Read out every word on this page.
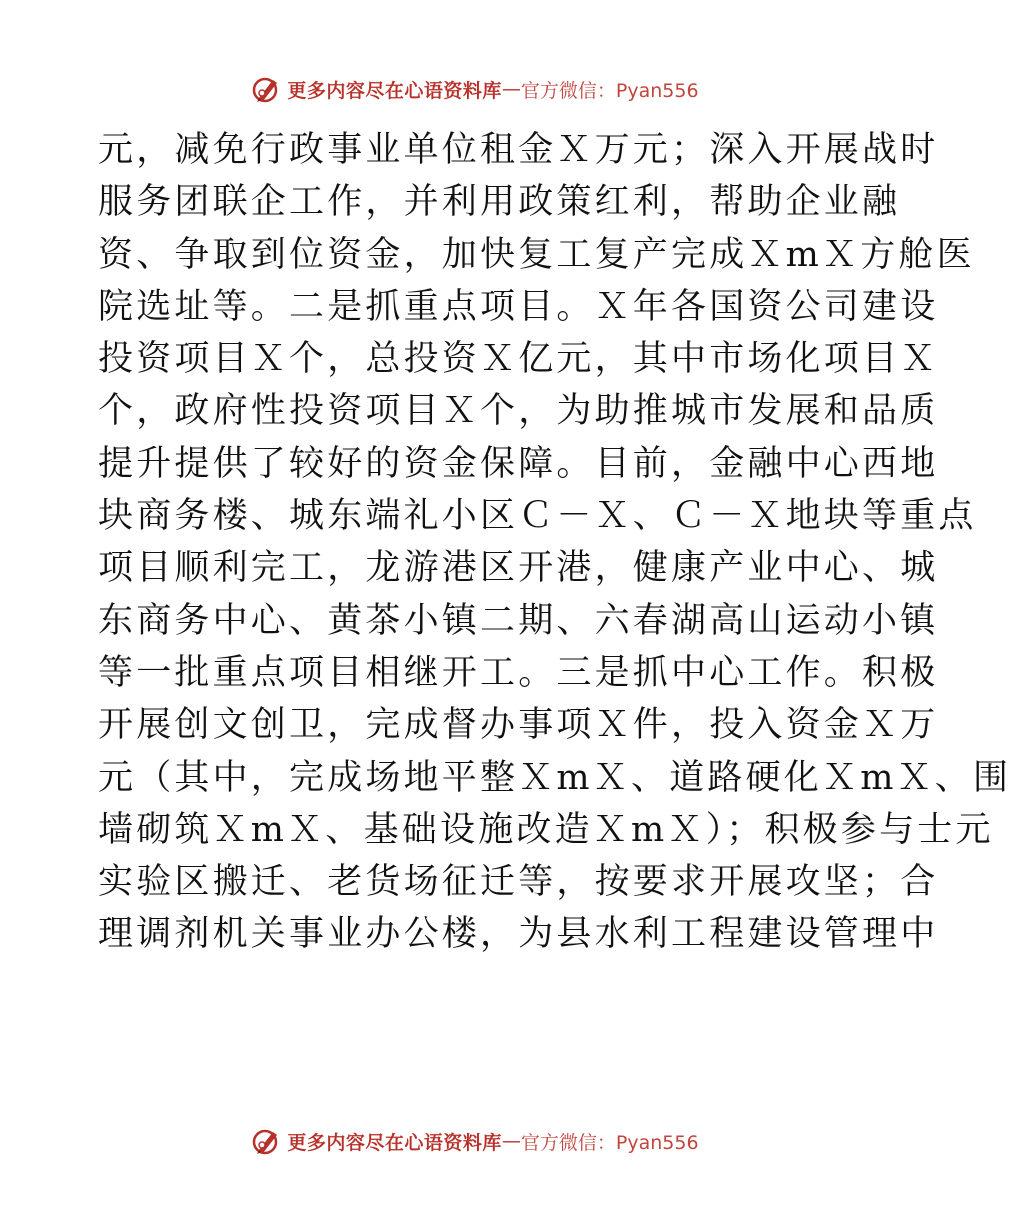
更多内容尽在心语资料库 — 官方微信：Pyan556
元，减免行政事业单位租金Ｘ万元；深入开展战时
服务团联企工作，并利用政策红利，帮助企业融
资、争取到位资金，加快复工复产完成ＸmＸ方舱医
院选址等。二是抓重点项目。Ｘ年各国资公司建设
投资项目Ｘ个，总投资Ｘ亿元，其中市场化项目Ｘ
个，政府性投资项目Ｘ个，为助推城市发展和品质
提升提供了较好的资金保障。目前，金融中心西地
块商务楼、城东端礼小区Ｃ－Ｘ、Ｃ－Ｘ地块等重点
项目顺利完工，龙游港区开港，健康产业中心、城
东商务中心、黄茶小镇二期、六春湖高山运动小镇
等一批重点项目相继开工。三是抓中心工作。积极
开展创文创卫，完成督办事项Ｘ件，投入资金Ｘ万
元（其中，完成场地平整ＸmＸ、道路硬化ＸmＸ、围
墙砌筑ＸmＸ、基础设施改造ＸmＸ）；积极参与士元
实验区搬迁、老货场征迁等，按要求开展攻坚；合
理调剂机关事业办公楼，为县水利工程建设管理中
更多内容尽在心语资料库 — 官方微信：Pyan556
